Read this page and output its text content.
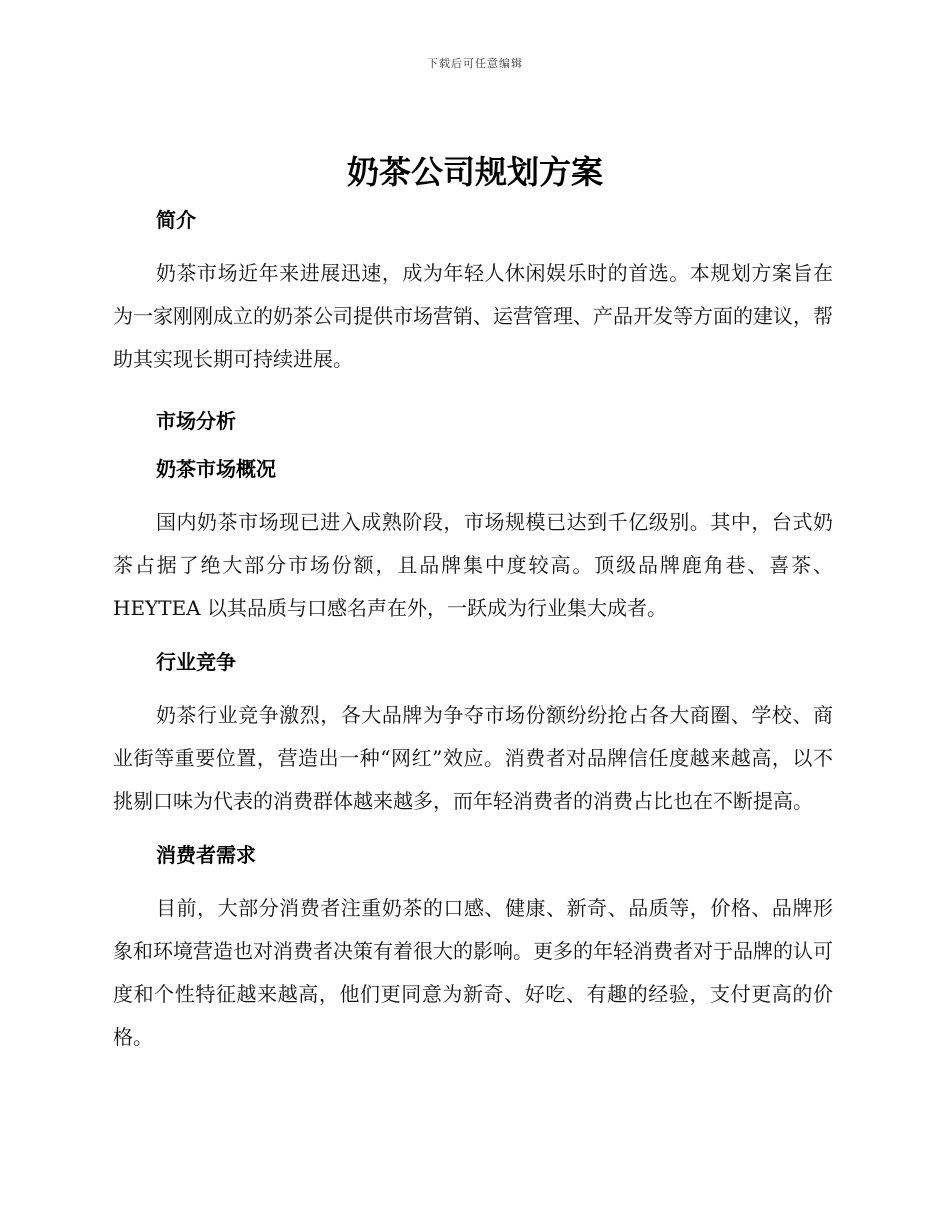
下载后可任意编辑
奶茶公司规划方案
简介

奶茶市场近年来进展迅速，成为年轻人休闲娱乐时的首选。本规划方案旨在为一家刚刚成立的奶茶公司提供市场营销、运营管理、产品开发等方面的建议，帮助其实现长期可持续进展。

市场分析
奶茶市场概况

国内奶茶市场现已进入成熟阶段，市场规模已达到千亿级别。其中，台式奶茶占据了绝大部分市场份额，且品牌集中度较高。顶级品牌鹿角巷、喜茶、HEYTEA 以其品质与口感名声在外，一跃成为行业集大成者。

行业竞争

奶茶行业竞争激烈，各大品牌为争夺市场份额纷纷抢占各大商圈、学校、商业街等重要位置，营造出一种“网红”效应。消费者对品牌信任度越来越高，以不挑剔口味为代表的消费群体越来越多，而年轻消费者的消费占比也在不断提高。

消费者需求

目前，大部分消费者注重奶茶的口感、健康、新奇、品质等，价格、品牌形象和环境营造也对消费者决策有着很大的影响。更多的年轻消费者对于品牌的认可度和个性特征越来越高，他们更同意为新奇、好吃、有趣的经验，支付更高的价格。
